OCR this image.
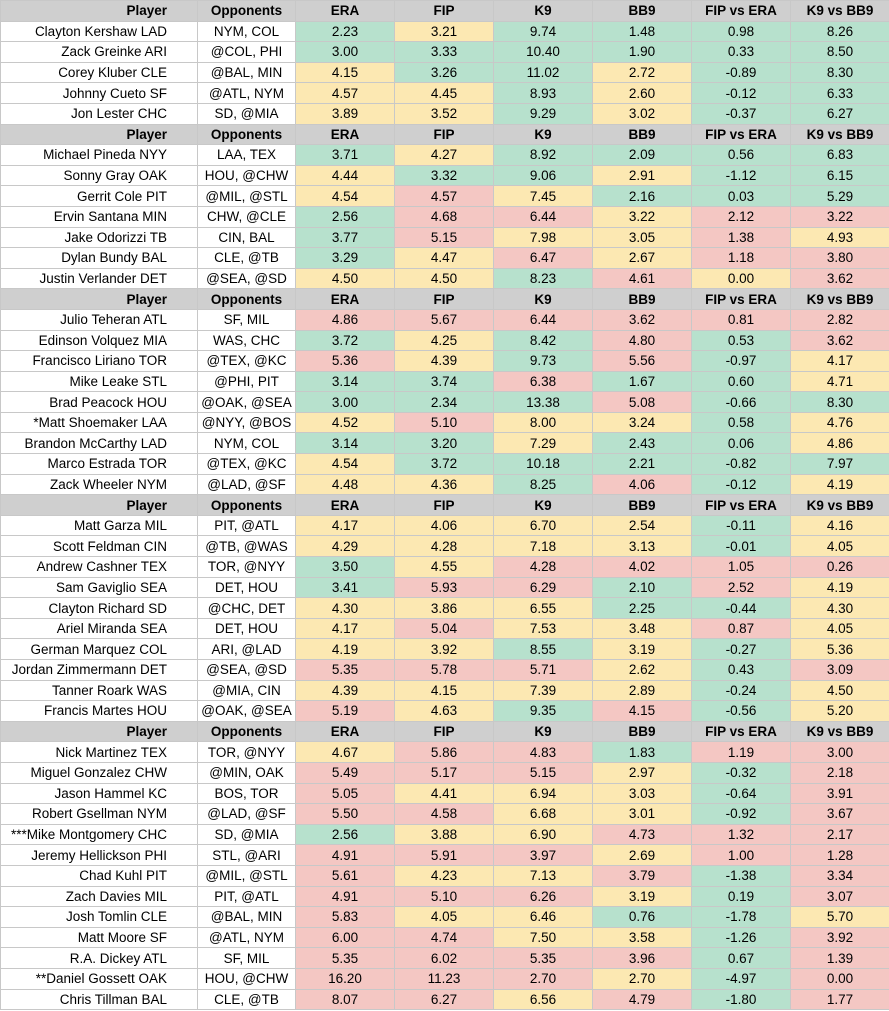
Player	Opponents	ERA	FIP	K9	BB9	FIP vs ERA	K9 vs BB9
Clayton Kershaw LAD	NYM, COL	2.23	3.21	9.74	1.48	0.98	8.26
Zack Greinke ARI	@COL, PHI	3.00	3.33	10.40	1.90	0.33	8.50
Corey Kluber CLE	@BAL, MIN	4.15	3.26	11.02	2.72	-0.89	8.30
Johnny Cueto SF	@ATL, NYM	4.57	4.45	8.93	2.60	-0.12	6.33
Jon Lester CHC	SD, @MIA	3.89	3.52	9.29	3.02	-0.37	6.27
Player	Opponents	ERA	FIP	K9	BB9	FIP vs ERA	K9 vs BB9
Michael Pineda NYY	LAA, TEX	3.71	4.27	8.92	2.09	0.56	6.83
Sonny Gray OAK	HOU, @CHW	4.44	3.32	9.06	2.91	-1.12	6.15
Gerrit Cole PIT	@MIL, @STL	4.54	4.57	7.45	2.16	0.03	5.29
Ervin Santana MIN	CHW, @CLE	2.56	4.68	6.44	3.22	2.12	3.22
Jake Odorizzi TB	CIN, BAL	3.77	5.15	7.98	3.05	1.38	4.93
Dylan Bundy BAL	CLE, @TB	3.29	4.47	6.47	2.67	1.18	3.80
Justin Verlander DET	@SEA, @SD	4.50	4.50	8.23	4.61	0.00	3.62
Player	Opponents	ERA	FIP	K9	BB9	FIP vs ERA	K9 vs BB9
Julio Teheran ATL	SF, MIL	4.86	5.67	6.44	3.62	0.81	2.82
Edinson Volquez MIA	WAS, CHC	3.72	4.25	8.42	4.80	0.53	3.62
Francisco Liriano TOR	@TEX, @KC	5.36	4.39	9.73	5.56	-0.97	4.17
Mike Leake STL	@PHI, PIT	3.14	3.74	6.38	1.67	0.60	4.71
Brad Peacock HOU	@OAK, @SEA	3.00	2.34	13.38	5.08	-0.66	8.30
*Matt Shoemaker LAA	@NYY, @BOS	4.52	5.10	8.00	3.24	0.58	4.76
Brandon McCarthy LAD	NYM, COL	3.14	3.20	7.29	2.43	0.06	4.86
Marco Estrada TOR	@TEX, @KC	4.54	3.72	10.18	2.21	-0.82	7.97
Zack Wheeler NYM	@LAD, @SF	4.48	4.36	8.25	4.06	-0.12	4.19
Player	Opponents	ERA	FIP	K9	BB9	FIP vs ERA	K9 vs BB9
Matt Garza MIL	PIT, @ATL	4.17	4.06	6.70	2.54	-0.11	4.16
Scott Feldman CIN	@TB, @WAS	4.29	4.28	7.18	3.13	-0.01	4.05
Andrew Cashner TEX	TOR, @NYY	3.50	4.55	4.28	4.02	1.05	0.26
Sam Gaviglio SEA	DET, HOU	3.41	5.93	6.29	2.10	2.52	4.19
Clayton Richard SD	@CHC, DET	4.30	3.86	6.55	2.25	-0.44	4.30
Ariel Miranda SEA	DET, HOU	4.17	5.04	7.53	3.48	0.87	4.05
German Marquez COL	ARI, @LAD	4.19	3.92	8.55	3.19	-0.27	5.36
Jordan Zimmermann DET	@SEA, @SD	5.35	5.78	5.71	2.62	0.43	3.09
Tanner Roark WAS	@MIA, CIN	4.39	4.15	7.39	2.89	-0.24	4.50
Francis Martes HOU	@OAK, @SEA	5.19	4.63	9.35	4.15	-0.56	5.20
Player	Opponents	ERA	FIP	K9	BB9	FIP vs ERA	K9 vs BB9
Nick Martinez TEX	TOR, @NYY	4.67	5.86	4.83	1.83	1.19	3.00
Miguel Gonzalez CHW	@MIN, OAK	5.49	5.17	5.15	2.97	-0.32	2.18
Jason Hammel KC	BOS, TOR	5.05	4.41	6.94	3.03	-0.64	3.91
Robert Gsellman NYM	@LAD, @SF	5.50	4.58	6.68	3.01	-0.92	3.67
***Mike Montgomery CHC	SD, @MIA	2.56	3.88	6.90	4.73	1.32	2.17
Jeremy Hellickson PHI	STL, @ARI	4.91	5.91	3.97	2.69	1.00	1.28
Chad Kuhl PIT	@MIL, @STL	5.61	4.23	7.13	3.79	-1.38	3.34
Zach Davies MIL	PIT, @ATL	4.91	5.10	6.26	3.19	0.19	3.07
Josh Tomlin CLE	@BAL, MIN	5.83	4.05	6.46	0.76	-1.78	5.70
Matt Moore SF	@ATL, NYM	6.00	4.74	7.50	3.58	-1.26	3.92
R.A. Dickey ATL	SF, MIL	5.35	6.02	5.35	3.96	0.67	1.39
**Daniel Gossett OAK	HOU, @CHW	16.20	11.23	2.70	2.70	-4.97	0.00
Chris Tillman BAL	CLE, @TB	8.07	6.27	6.56	4.79	-1.80	1.77
